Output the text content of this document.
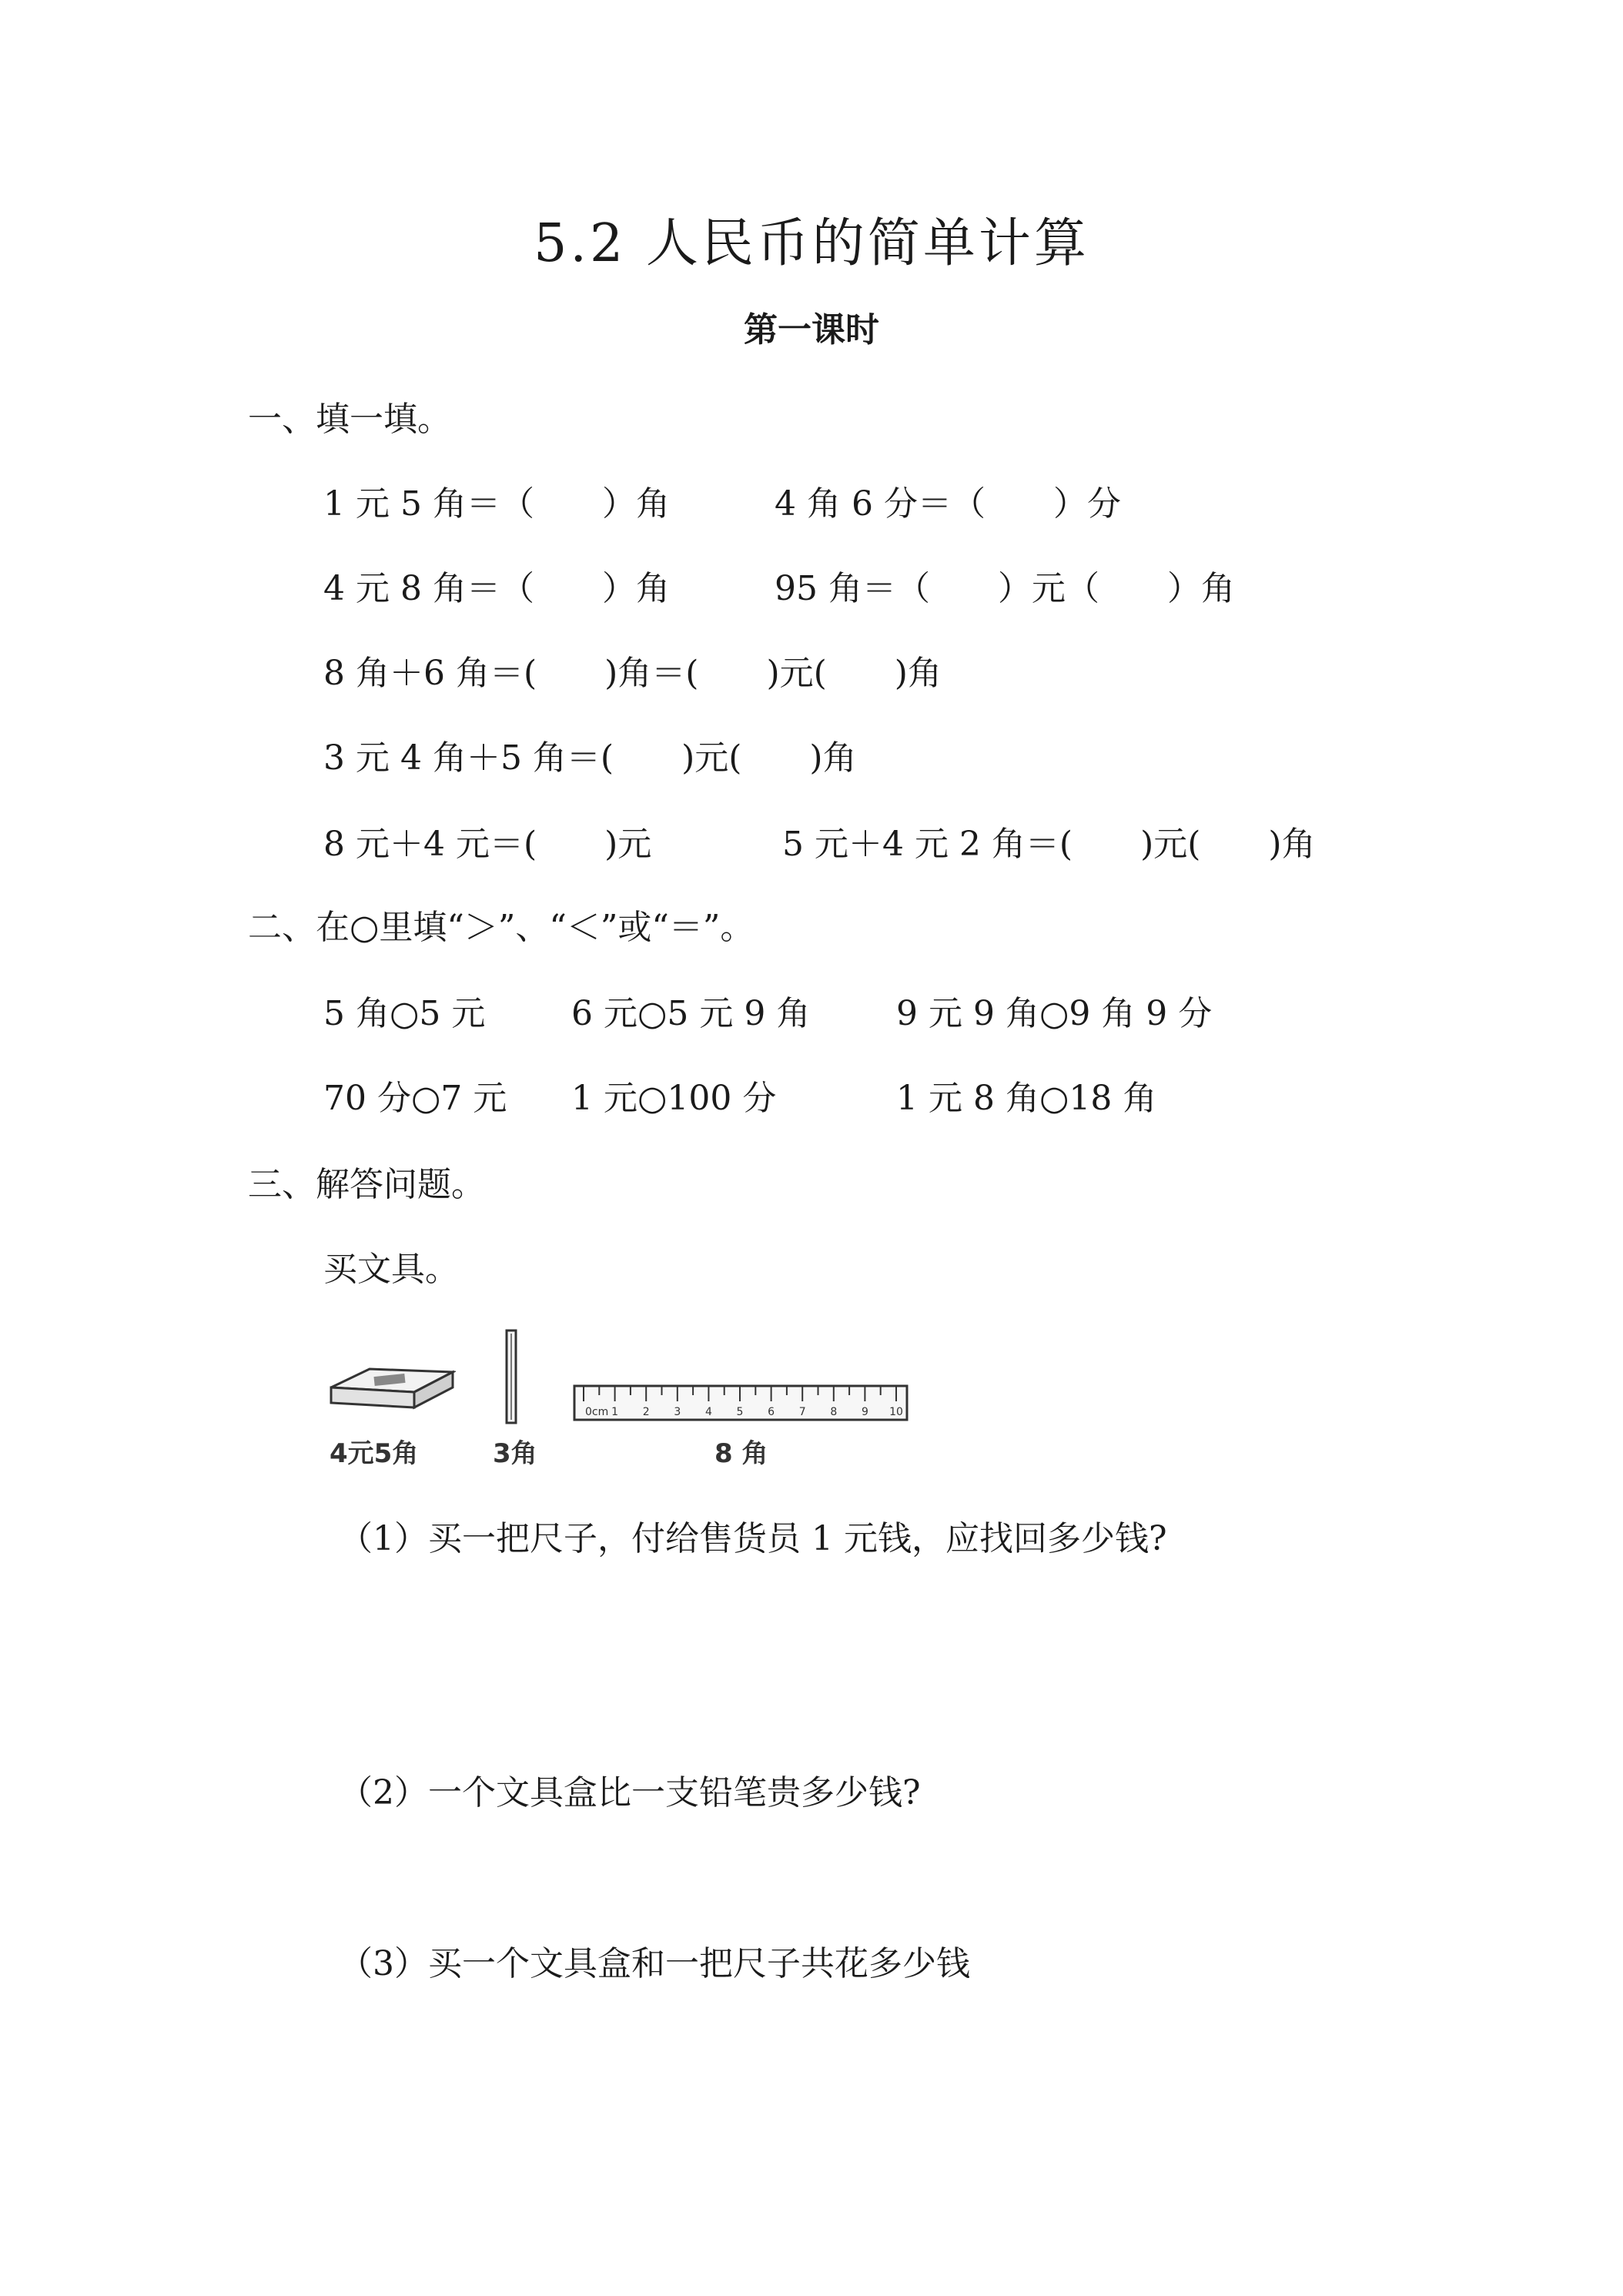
5.2 人民币的简单计算
第一课时
一、填一填。
1 元 5 角＝（　　）角	4 角 6 分＝（　　）分
4 元 8 角＝（　　）角	95 角＝（　　）元（　　）角
8 角＋6 角＝(　　)角＝(　　)元(　　)角
3 元 4 角＋5 角＝(　　)元(　　)角
8 元＋4 元＝(　　)元	5 元＋4 元 2 角＝(　　)元(　　)角
二、在○里填“＞”、“＜”或“＝”。
5 角○5 元	6 元○5 元 9 角	9 元 9 角○9 角 9 分
70 分○7 元 1 元○100 分	1 元 8 角○18 角
三、解答问题。
买文具。
4元5角	3角
0cm 1 2 3 4 5 6 7 8 9 10
8 角
（1）买一把尺子，付给售货员 1 元钱，应找回多少钱?
（2）一个文具盒比一支铅笔贵多少钱?
（3）买一个文具盒和一把尺子共花多少钱
